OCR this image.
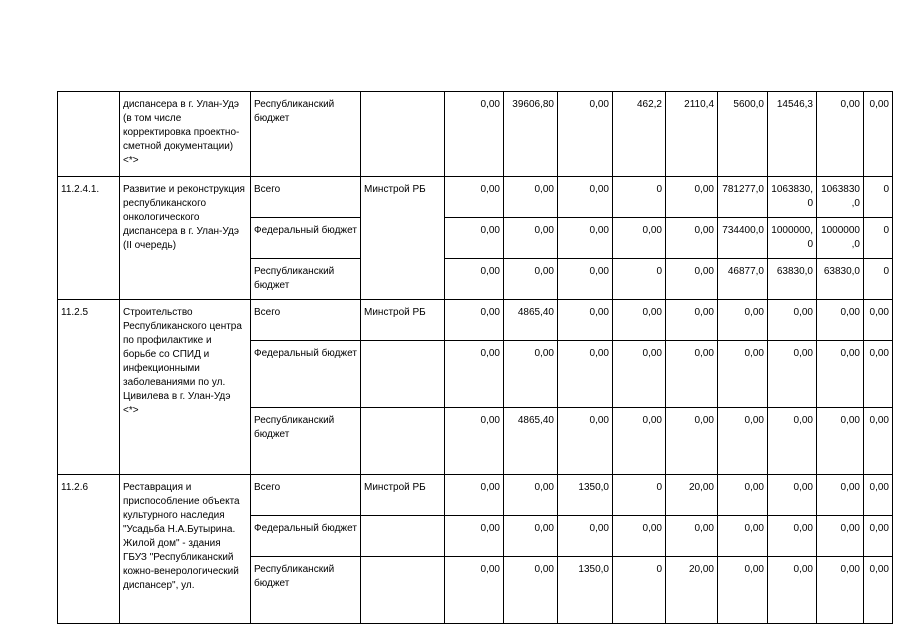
	диспансера в г. Улан-Удэ (в том числе корректировка проектно-сметной документации) <*>	Республиканский бюджет		0,00	39606,80	0,00	462,2	2110,4	5600,0	14546,3	0,00	0,00
11.2.4.1.	Развитие и реконструкция республиканского онкологического диспансера в г. Улан-Удэ (II очередь)	Всего	Минстрой РБ	0,00	0,00	0,00	0	0,00	781277,0	1063830,0	1063830,0	0
		Федеральный бюджет		0,00	0,00	0,00	0,00	0,00	734400,0	1000000,0	1000000,0	0
		Республиканский бюджет		0,00	0,00	0,00	0	0,00	46877,0	63830,0	63830,0	0
11.2.5	Строительство Республиканского центра по профилактике и борьбе со СПИД и инфекционными заболеваниями по ул. Цивилева в г. Улан-Удэ <*>	Всего	Минстрой РБ	0,00	4865,40	0,00	0,00	0,00	0,00	0,00	0,00	0,00
		Федеральный бюджет		0,00	0,00	0,00	0,00	0,00	0,00	0,00	0,00	0,00
		Республиканский бюджет		0,00	4865,40	0,00	0,00	0,00	0,00	0,00	0,00	0,00
11.2.6	Реставрация и приспособление объекта культурного наследия "Усадьба Н.А.Бутырина. Жилой дом" - здания ГБУЗ "Республиканский кожно-венерологический диспансер", ул.	Всего	Минстрой РБ	0,00	0,00	1350,0	0	20,00	0,00	0,00	0,00	0,00
		Федеральный бюджет		0,00	0,00	0,00	0,00	0,00	0,00	0,00	0,00	0,00
		Республиканский бюджет		0,00	0,00	1350,0	0	20,00	0,00	0,00	0,00	0,00
